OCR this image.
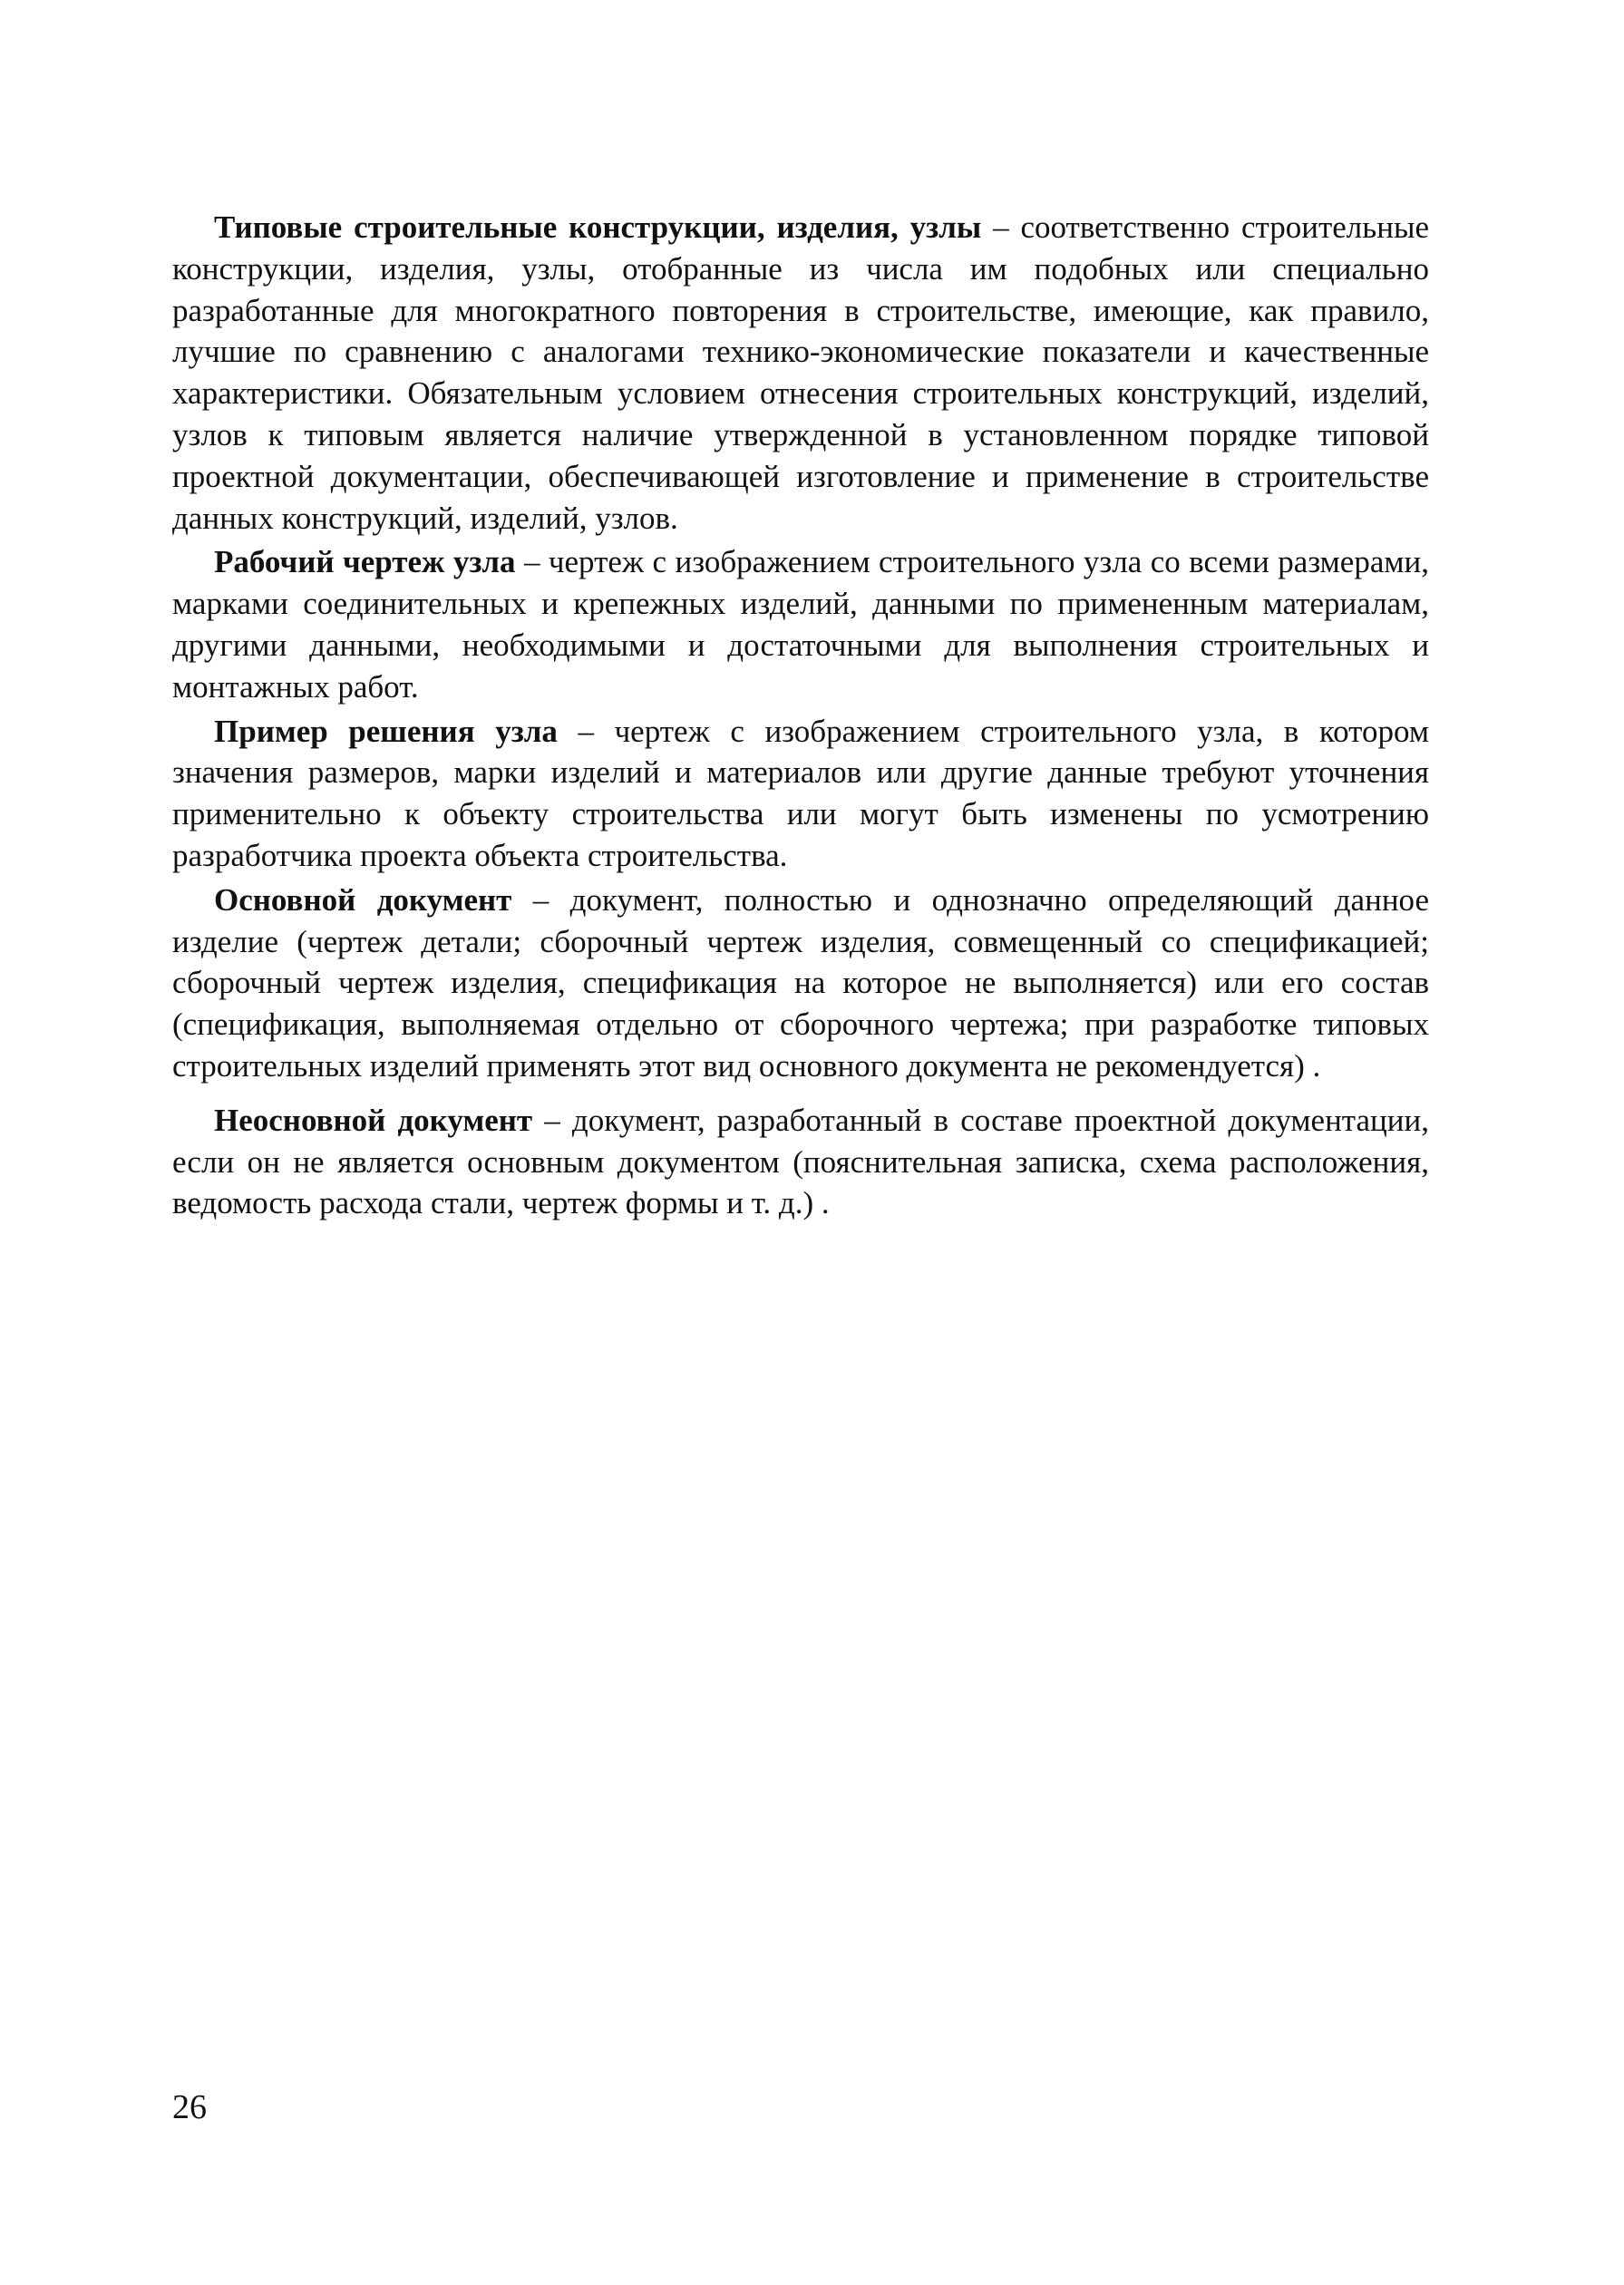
Типовые строительные конструкции, изделия, узлы – соответственно строительные конструкции, изделия, узлы, отобранные из числа им подобных или специально разработанные для многократного повторения в строительстве, имеющие, как правило, лучшие по сравнению с аналогами технико-экономические показатели и качественные характеристики. Обязательным условием отнесения строительных конструкций, изделий, узлов к типовым является наличие утвержденной в установленном порядке типовой проектной документации, обеспечивающей изготовление и применение в строительстве данных конструкций, изделий, узлов.

Рабочий чертеж узла – чертеж с изображением строительного узла со всеми размерами, марками соединительных и крепежных изделий, данными по примененным материалам, другими данными, необходимыми и достаточными для выполнения строительных и монтажных работ.

Пример решения узла – чертеж с изображением строительного узла, в котором значения размеров, марки изделий и материалов или другие данные требуют уточнения применительно к объекту строительства или могут быть изменены по усмотрению разработчика проекта объекта строительства.

Основной документ – документ, полностью и однозначно определяющий данное изделие (чертеж детали; сборочный чертеж изделия, совмещенный со спецификацией; сборочный чертеж изделия, спецификация на которое не выполняется) или его состав (спецификация, выполняемая отдельно от сборочного чертежа; при разработке типовых строительных изделий применять этот вид основного документа не рекомендуется) .

Неосновной документ – документ, разработанный в составе проектной документации, если он не является основным документом (пояснительная записка, схема расположения, ведомость расхода стали, чертеж формы и т. д.) .

26
